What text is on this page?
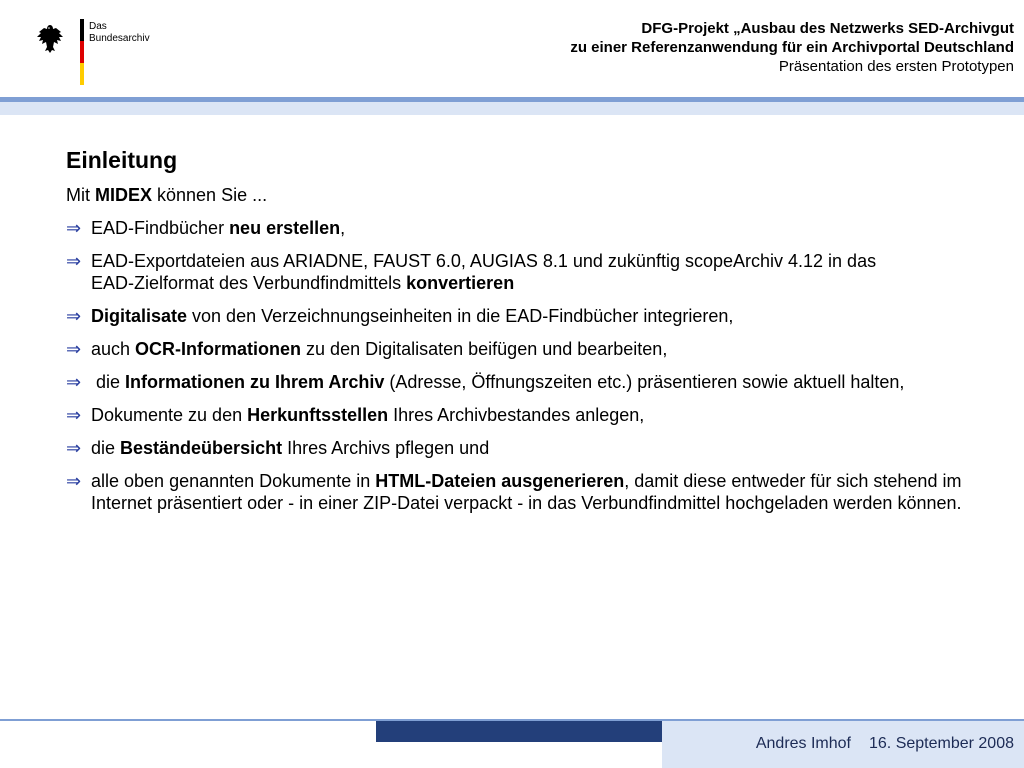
Das
Bundesarchiv
DFG-Projekt „Ausbau des Netzwerks SED-Archivgut
zu einer Referenzanwendung für ein Archivportal Deutschland
Präsentation des ersten Prototypen
Einleitung
Mit MIDEX können Sie ...
⇒ EAD-Findbücher neu erstellen,
⇒ EAD-Exportdateien aus ARIADNE, FAUST 6.0, AUGIAS 8.1 und zukünftig scopeArchiv 4.12 in das EAD-Zielformat des Verbundfindmittels konvertieren
⇒ Digitalisate von den Verzeichnungseinheiten in die EAD-Findbücher integrieren,
⇒ auch OCR-Informationen zu den Digitalisaten beifügen und bearbeiten,
⇒ die Informationen zu Ihrem Archiv (Adresse, Öffnungszeiten etc.) präsentieren sowie aktuell halten,
⇒ Dokumente zu den Herkunftsstellen Ihres Archivbestandes anlegen,
⇒ die Beständeübersicht Ihres Archivs pflegen und
⇒ alle oben genannten Dokumente in HTML-Dateien ausgenerieren, damit diese entweder für sich stehend im Internet präsentiert oder - in einer ZIP-Datei verpackt - in das Verbundfindmittel hochgeladen werden können.
Andres Imhof 16. September 2008
